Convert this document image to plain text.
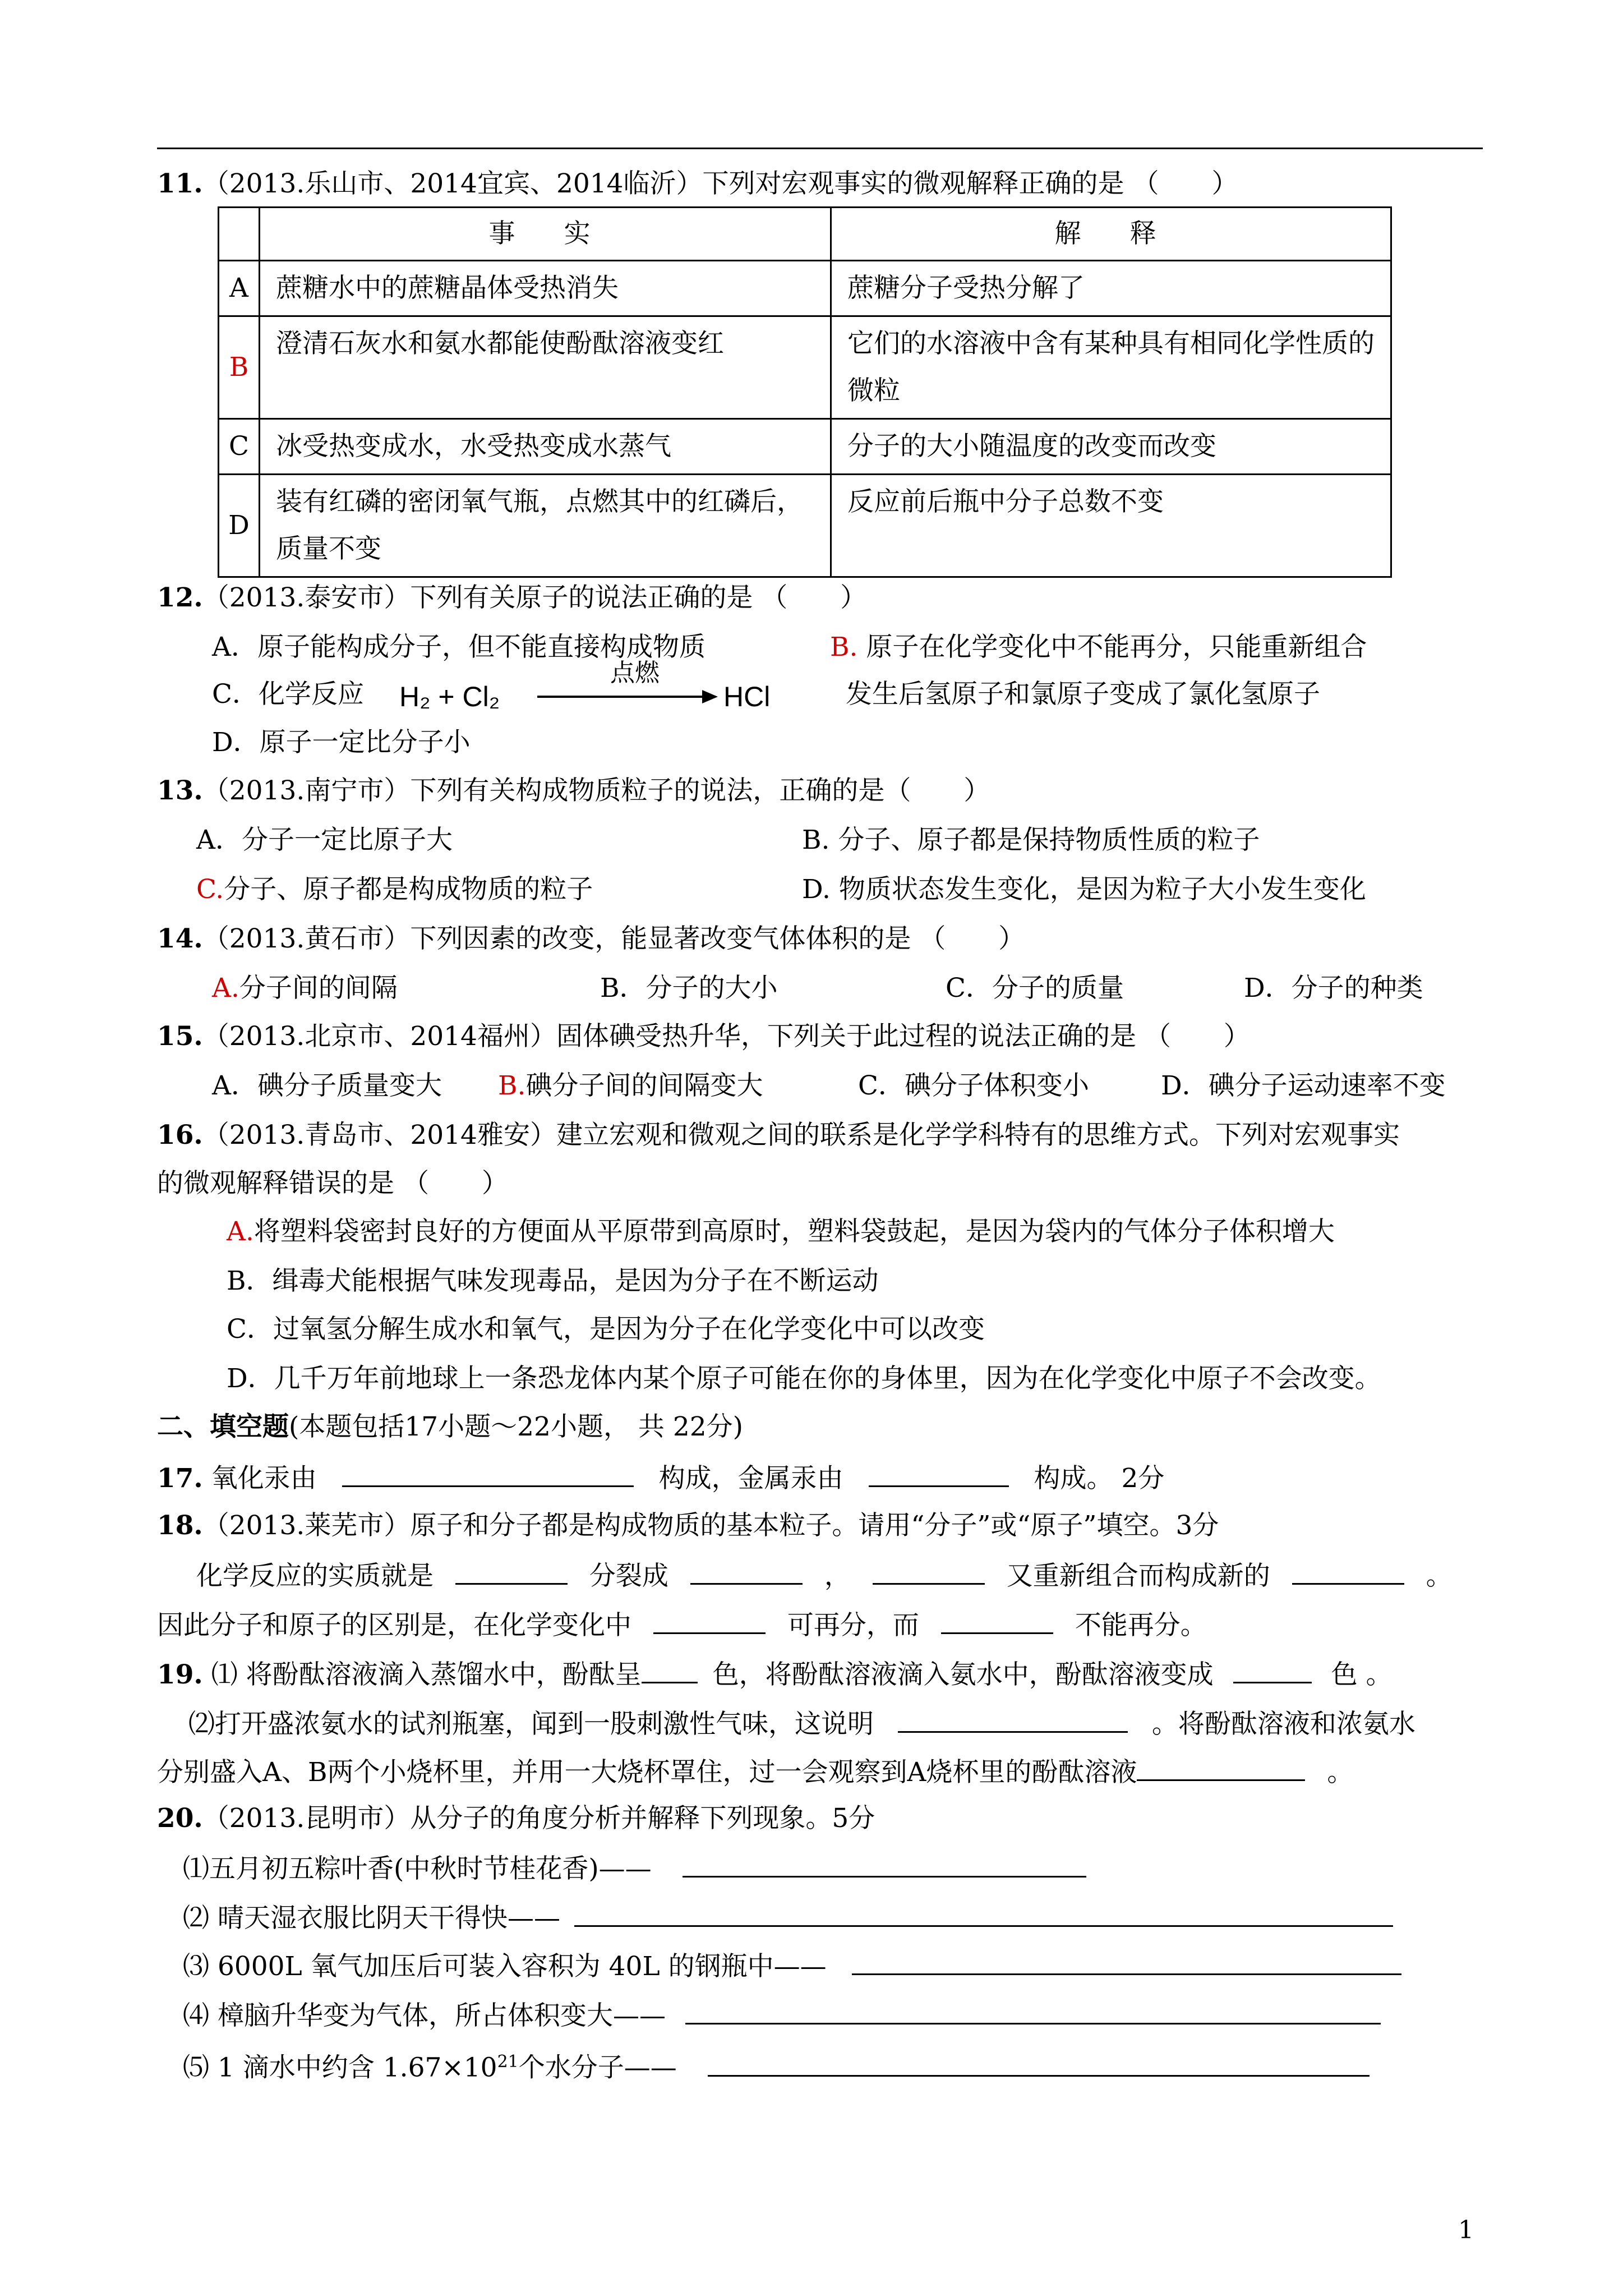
11.（2013.乐山市、2014宜宾、2014临沂）下列对宏观事实的微观解释正确的是 （　　）
	事　实	解　释
A	蔗糖水中的蔗糖晶体受热消失	蔗糖分子受热分解了
B	澄清石灰水和氨水都能使酚酞溶液变红	它们的水溶液中含有某种具有相同化学性质的微粒
C	冰受热变成水，水受热变成水蒸气	分子的大小随温度的改变而改变
D	装有红磷的密闭氧气瓶，点燃其中的红磷后，质量不变	反应前后瓶中分子总数不变
12.（2013.泰安市）下列有关原子的说法正确的是 （　　）
A．原子能构成分子，但不能直接构成物质	B. 原子在化学变化中不能再分，只能重新组合
C．化学反应 H₂ + Cl₂
点燃
HCl	发生后氢原子和氯原子变成了氯化氢原子
D．原子一定比分子小
13.（2013.南宁市）下列有关构成物质粒子的说法，正确的是（　　）
A．分子一定比原子大	B. 分子、原子都是保持物质性质的粒子
C.分子、原子都是构成物质的粒子	D. 物质状态发生变化，是因为粒子大小发生变化
14.（2013.黄石市）下列因素的改变，能显著改变气体体积的是 （　　）
A.分子间的间隔	B．分子的大小	C．分子的质量	D．分子的种类
15.（2013.北京市、2014福州）固体碘受热升华，下列关于此过程的说法正确的是 （　　）
A．碘分子质量变大 B.碘分子间的间隔变大	C．碘分子体积变小	D．碘分子运动速率不变
16.（2013.青岛市、2014雅安）建立宏观和微观之间的联系是化学学科特有的思维方式。下列对宏观事实
的微观解释错误的是 （　　）
A.将塑料袋密封良好的方便面从平原带到高原时，塑料袋鼓起，是因为袋内的气体分子体积增大
B．缉毒犬能根据气味发现毒品，是因为分子在不断运动
C．过氧氢分解生成水和氧气，是因为分子在化学变化中可以改变
D．几千万年前地球上一条恐龙体内某个原子可能在你的身体里，因为在化学变化中原子不会改变。
二、填空题(本题包括17小题～22小题， 共 22分)
17. 氧化汞由	构成，金属汞由	构成。 2分
18.（2013.莱芜市）原子和分子都是构成物质的基本粒子。请用“分子”或“原子”填空。3分
化学反应的实质就是	分裂成	，	又重新组合而构成新的	。
因此分子和原子的区别是，在化学变化中	可再分，而	不能再分。
19. ⑴ 将酚酞溶液滴入蒸馏水中，酚酞呈	色，将酚酞溶液滴入氨水中，酚酞溶液变成	色 。
⑵打开盛浓氨水的试剂瓶塞，闻到一股刺激性气味，这说明	。将酚酞溶液和浓氨水
分别盛入A、B两个小烧杯里，并用一大烧杯罩住，过一会观察到A烧杯里的酚酞溶液	。
20.（2013.昆明市）从分子的角度分析并解释下列现象。5分
⑴五月初五粽叶香(中秋时节桂花香)——
⑵ 晴天湿衣服比阴天干得快——
⑶ 6000L 氧气加压后可装入容积为 40L 的钢瓶中——
⑷ 樟脑升华变为气体，所占体积变大——
⑸ 1 滴水中约含 $1.67\times 10^{21}$个水分子——
1
